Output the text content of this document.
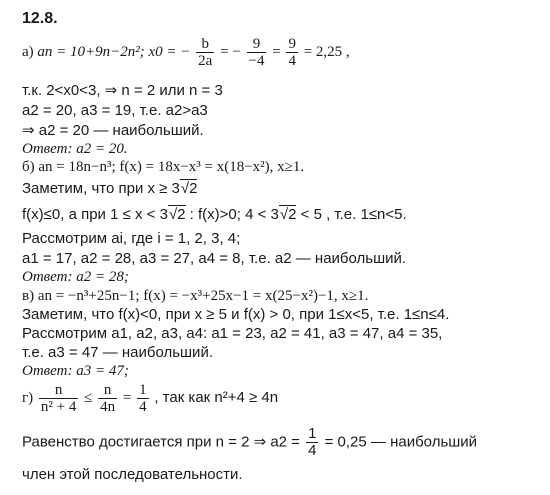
12.8.
а) an = 10+9n−2n²; x0 = − $\frac{b}{2a}$ = − $\frac{9}{-4} = \frac{9}{4} = 2,25$ ,
т.к. 2<x0<3, ⇒ n = 2 или n = 3
a2 = 20, a3 = 19, т.е. a2>a3
⇒ a2 = 20 — наибольший.
Ответ: a2 = 20.
б) an = 18n−n³; f(x) = 18x−x³ = x(18−x²), x≥1.
Заметим, что при x ≥ 3√2
f(x)≤0, а при 1 ≤ x < 3√2 : f(x)>0; 4 < 3√2 < 5 , т.е. 1≤n<5.
Рассмотрим ai, где i = 1, 2, 3, 4;
a1 = 17, a2 = 28, a3 = 27, a4 = 8, т.е. a2 — наибольший.
Ответ: a2 = 28;
в) an = −n³+25n−1; f(x) = −x³+25x−1 = x(25−x²)−1, x≥1.
Заметим, что f(x)<0, при x ≥ 5 и f(x) > 0, при 1≤x<5, т.е. 1≤n≤4.
Рассмотрим a1, a2, a3, a4: a1 = 23, a2 = 41, a3 = 47, a4 = 35,
т.е. a3 = 47 — наибольший.
Ответ: a3 = 47;
$г) \frac{n}{\text{n² + 4}} \le \frac{n}{4n} = \frac{1}{4}$ , так как n²+4 ≥ 4n
Равенство достигается при n = 2 ⇒ $a2 = \frac{1}{4} = 0,25$ — наибольший
член этой последовательности.
